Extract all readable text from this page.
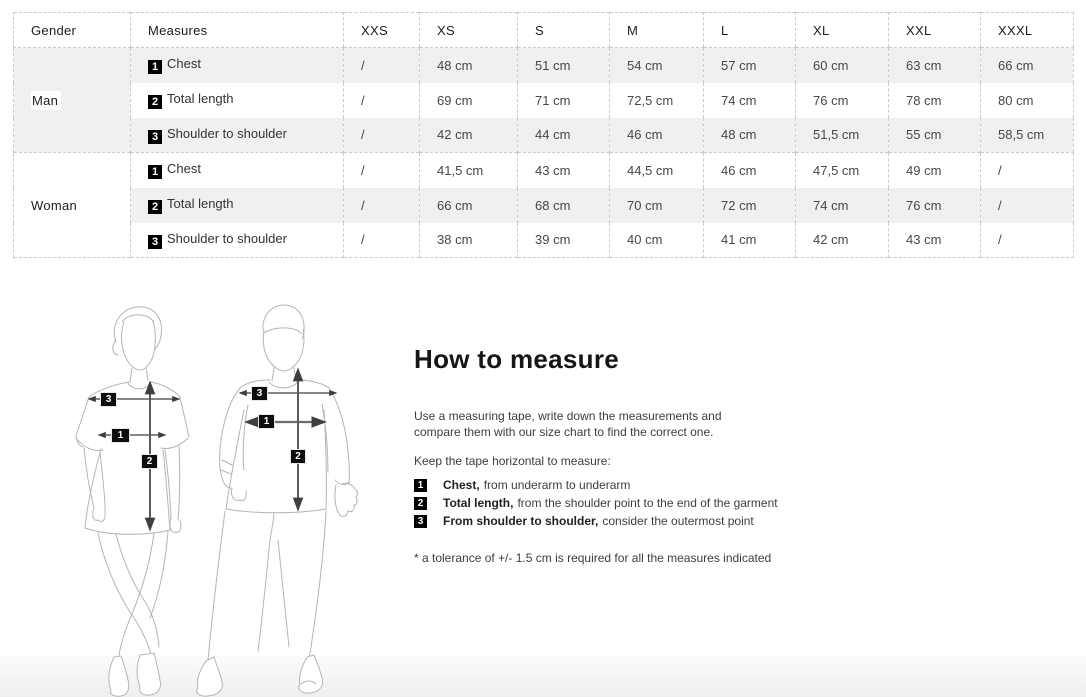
Gender	Measures	XXS	XS	S	M	L	XL	XXL	XXXL
Man	1 Chest	/	48 cm	51 cm	54 cm	57 cm	60 cm	63 cm	66 cm
	2 Total length	/	69 cm	71 cm	72,5 cm	74 cm	76 cm	78 cm	80 cm
	3 Shoulder to shoulder	/	42 cm	44 cm	46 cm	48 cm	51,5 cm	55 cm	58,5 cm
Woman	1 Chest	/	41,5 cm	43 cm	44,5 cm	46 cm	47,5 cm	49 cm	/
	2 Total length	/	66 cm	68 cm	70 cm	72 cm	74 cm	76 cm	/
	3 Shoulder to shoulder	/	38 cm	39 cm	40 cm	41 cm	42 cm	43 cm	/
3
1
2
3
1
2
How to measure
Use a measuring tape, write down the measurements and compare them with our size chart to find the correct one.
Keep the tape horizontal to measure:
1	Chest, from underarm to underarm
2	Total length, from the shoulder point to the end of the garment
3	From shoulder to shoulder, consider the outermost point
* a tolerance of +/- 1.5 cm is required for all the measures indicated
